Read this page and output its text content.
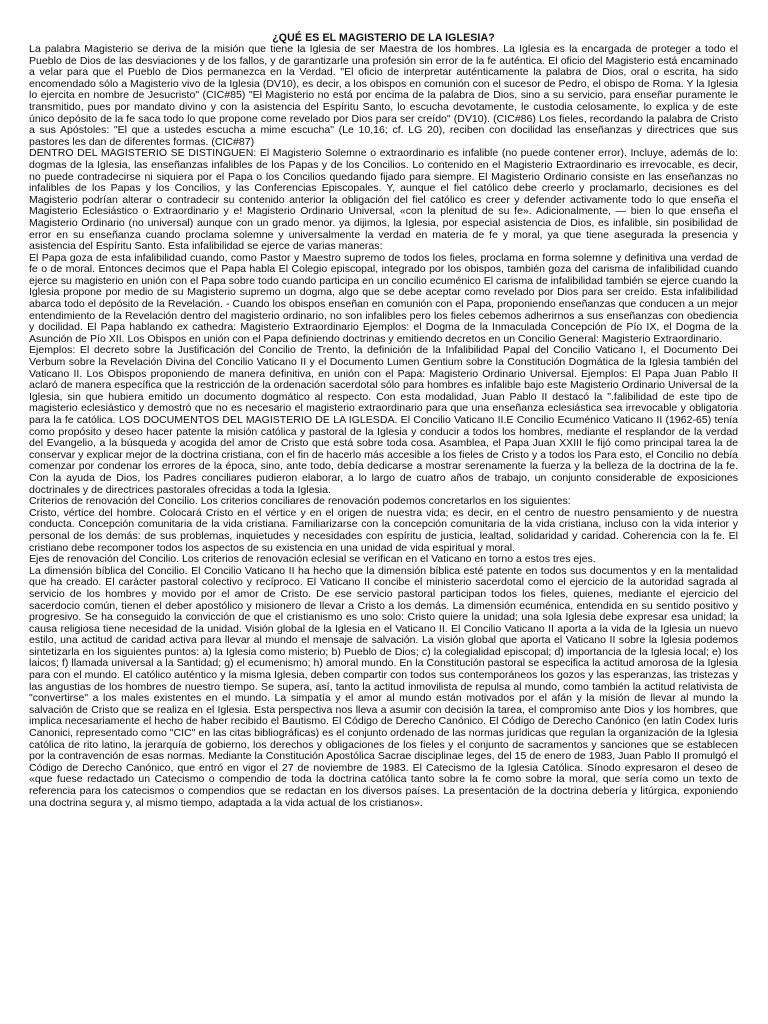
¿QUÉ ES EL MAGISTERIO DE LA IGLESIA?

La palabra Magisterio se deriva de la misión que tiene la Iglesia de ser Maestra de los hombres. La Iglesia es la encargada de proteger a todo el Pueblo de Dios de las desviaciones y de los fallos, y de garantizarle una profesión sin error de la fe auténtica. El oficio del Magisterio está encaminado a velar para que el Pueblo de Dios permanezca en la Verdad. "El oficio de interpretar auténticamente la palabra de Dios, oral o escrita, ha sido encomendado sólo a Magisterio vivo de la Iglesia (DV10), es decir, a los obispos en comunión con el sucesor de Pedro, el obispo de Roma. Y la Iglesia lo ejercita en nombre de Jesucristo" (CIC#85) "El Magisterio no está por encima de la palabra de Dios, sino a su servicio, para enseñar puramente le transmitido, pues por mandato divino y con la asistencia del Espíritu Santo, lo escucha devotamente, le custodia celosamente, lo explica y de este único depósito de la fe saca todo lo que propone come revelado por Dios para ser creído" (DV10). (CIC#86) Los fieles, recordando la palabra de Cristo a sus Apóstoles: "El que a ustedes escucha a mime escucha" (Le 10,16; cf. LG 20), reciben con docilidad las enseñanzas y directrices que sus pastores les dan de diferentes formas. (CIC#87)

DENTRO DEL MAGISTERIO SE DISTINGUEN: El Magisterio Solemne o extraordinario es infalible (no puede contener error). Incluye, además de lo: dogmas de la Iglesia, las enseñanzas infalibles de los Papas y de los Concilios. Lo contenido en el Magisterio Extraordinario es irrevocable, es decir, no puede contradecirse ni siquiera por el Papa o los Concilios quedando fijado para siempre. El Magisterio Ordinario consiste en las enseñanzas no infalibles de los Papas y los Concilios, y las Conferencias Episcopales. Y, aunque el fiel católico debe creerlo y proclamarlo, decisiones es del Magisterio podrían alterar o contradecir su contenido anterior la obligación del fiel católico es creer y defender activamente todo lo que enseña el Magisterio Eclesiástico o Extraordinario y e! Magisterio Ordinario Universal, «con la plenitud de su fe». Adicionalmente, — bien lo que enseña el Magisterio Ordinario (no universal) aunque con un grado menor. ya dijimos, la Iglesia, por especial asistencia de Dios, es infalible, sin posibilidad de error en su enseñanza cuando proclama solemne y universalmente la verdad en materia de fe y moral, ya que tiene asegurada la presencia y asistencia del Espíritu Santo. Esta infalibilidad se ejerce de varias maneras:

El Papa goza de esta infalibilidad cuando, como Pastor y Maestro supremo de todos los fieles, proclama en forma solemne y definitiva una verdad de fe o de moral. Entonces decimos que el Papa habla El Colegio episcopal, integrado por los obispos, también goza del carisma de infalibilidad cuando ejerce su magisterio en unión con el Papa sobre todo cuando participa en un concilio ecuménico El carisma de infalibilidad también se ejerce cuando la Iglesia propone por medio de su Magisterio supremo un dogma, algo que se debe aceptar como revelado por Dios para ser creído. Esta infalibilidad abarca todo el depósito de la Revelación. - Cuando los obispos enseñan en comunión con el Papa, proponiendo enseñanzas que conducen a un mejor entendimiento de la Revelación dentro del magisterio ordinario, no son infalibles pero los fieles cebemos adherirnos a sus enseñanzas con obediencia y docilidad. El Papa hablando ex cathedra: Magisterio Extraordinario Ejemplos: el Dogma de la Inmaculada Concepción de Pío IX, el Dogma de la Asunción de Pío XII. Los Obispos en unión con el Papa definiendo doctrinas y emitiendo decretos en un Concilio General: Magisterio Extraordinario.

Ejemplos: El decreto sobre la Justificación del Concilio de Trento, la definición de la Infalibilidad Papal del Concilio Vaticano I, el Documento Dei Verbum sobre la Revelación Divina del Concilio Vaticano II y el Documento Lumen Gentium sobre la Constitución Dogmática de la Iglesia también del Vaticano II. Los Obispos proponiendo de manera definitiva, en unión con el Papa: Magisterio Ordinario Universal. Ejemplos: El Papa Juan Pablo II aclaró de manera específica que la restricción de la ordenación sacerdotal sólo para hombres es infalible bajo este Magisterio Ordinario Universal de la Iglesia, sin que hubiera emitido un documento dogmático al respecto. Con esta modalidad, Juan Pablo II destacó la ".falibilidad de este tipo de magisterio eclesiástico y demostró que no es necesario el magisterio extraordinario para que una enseñanza eclesiástica sea irrevocable y obligatoria para la fe católica. LOS DOCUMENTOS DEL MAGISTERIO DE LA IGLESDA. El Concilio Vaticano II.E Concilio Ecuménico Vaticano II (1962-65) tenía como propósito y deseo hacer patente la misión católica y pastoral de la Iglesia y conducir a todos los hombres, mediante el resplandor de la verdad del Evangelio, a la búsqueda y acogida del amor de Cristo que está sobre toda cosa. Asamblea, el Papa Juan XXIII le fijó como principal tarea la de conservar y explicar mejor de la doctrina cristiana, con el fin de hacerlo más accesible a los fieles de Cristo y a todos los Para esto, el Concilio no debía comenzar por condenar los errores de la época, sino, ante todo, debía dedicarse a mostrar serenamente la fuerza y la belleza de la doctrina de la fe. Con la ayuda de Dios, los Padres conciliares pudieron elaborar, a lo largo de cuatro años de trabajo, un conjunto considerable de exposiciones doctrinales y de directrices pastorales ofrecidas a toda la Iglesia.

Criterios de renovación del Concilio. Los criterios conciliares de renovación podemos concretarlos en los siguientes:

Cristo, vértice del hombre. Colocará Cristo en el vértice y en el origen de nuestra vida; es decir, en el centro de nuestro pensamiento y de nuestra conducta. Concepción comunitaria de la vida cristiana. Familiarizarse con la concepción comunitaria de la vida cristiana, incluso con la vida interior y personal de los demás: de sus problemas, inquietudes y necesidades con espíritu de justicia, lealtad, solidaridad y caridad. Coherencia con la fe. El cristiano debe recomponer todos los aspectos de su existencia en una unidad de vida espiritual y moral.

Ejes de renovación del Concilio. Los criterios de renovación eclesial se verifican en el Vaticano en torno a estos tres ejes.

La dimensión bíblica del Concilio. El Concilio Vaticano II ha hecho que la dimensión bíblica esté patente en todos sus documentos y en la mentalidad que ha creado. El carácter pastoral colectivo y recíproco. El Vaticano II concibe el ministerio sacerdotal como el ejercicio de la autoridad sagrada al servicio de los hombres y movido por el amor de Cristo. De ese servicio pastoral participan todos los fieles, quienes, mediante el ejercicio del sacerdocio común, tienen el deber apostólico y misionero de llevar a Cristo a los demás. La dimensión ecuménica, entendida en su sentido positivo y progresivo. Se ha conseguido la convicción de que el cristianismo es uno solo: Cristo quiere la unidad; una sola Iglesia debe expresar esa unidad; la causa religiosa tiene necesidad de la unidad. Visión global de la Iglesia en el Vaticano II. El Concilio Vaticano II aporta a la vida de la Iglesia un nuevo estilo, una actitud de caridad activa para llevar al mundo el mensaje de salvación. La visión global que aporta el Vaticano II sobre la Iglesia podemos sintetizarla en los siguientes puntos: a) la Iglesia como misterio; b) Pueblo de Dios; c) la colegialidad episcopal; d) importancia de la Iglesia local; e) los laicos; f) llamada universal a la Santidad; g) el ecumenismo; h) amoral mundo. En la Constitución pastoral se especifica la actitud amorosa de la Iglesia para con el mundo. El católico auténtico y la misma Iglesia, deben compartir con todos sus contemporáneos los gozos y las esperanzas, las tristezas y las angustias de los hombres de nuestro tiempo. Se supera, así, tanto la actitud inmovilista de repulsa al mundo, como también la actitud relativista de "convertirse" a los males existentes en el mundo. La simpatía y el amor al mundo están motivados por el afán y la misión de llevar al mundo la salvación de Cristo que se realiza en el Iglesia. Esta perspectiva nos lleva a asumir con decisión la tarea, el compromiso ante Dios y los hombres, que implica necesariamente el hecho de haber recibido el Bautismo. El Código de Derecho Canónico. El Código de Derecho Canónico (en latín Codex Iuris Canonici, representado como "CIC" en las citas bibliográficas) es el conjunto ordenado de las normas jurídicas que regulan la organización de la Iglesia católica de rito latino, la jerarquía de gobierno, los derechos y obligaciones de los fieles y el conjunto de sacramentos y sanciones que se establecen por la contravención de esas normas. Mediante la Constitución Apostólica Sacrae disciplinae leges, del 15 de enero de 1983, Juan Pablo II promulgó el Código de Derecho Canónico, que entró en vigor el 27 de noviembre de 1983. El Catecismo de la Iglesia Católica. Sínodo expresaron el deseo de «que fuese redactado un Catecismo o compendio de toda la doctrina católica tanto sobre la fe como sobre la moral, que sería como un texto de referencia para los catecismos o compendios que se redactan en los diversos países. La presentación de la doctrina debería y litúrgica, exponiendo una doctrina segura y, al mismo tiempo, adaptada a la vida actual de los cristianos».
